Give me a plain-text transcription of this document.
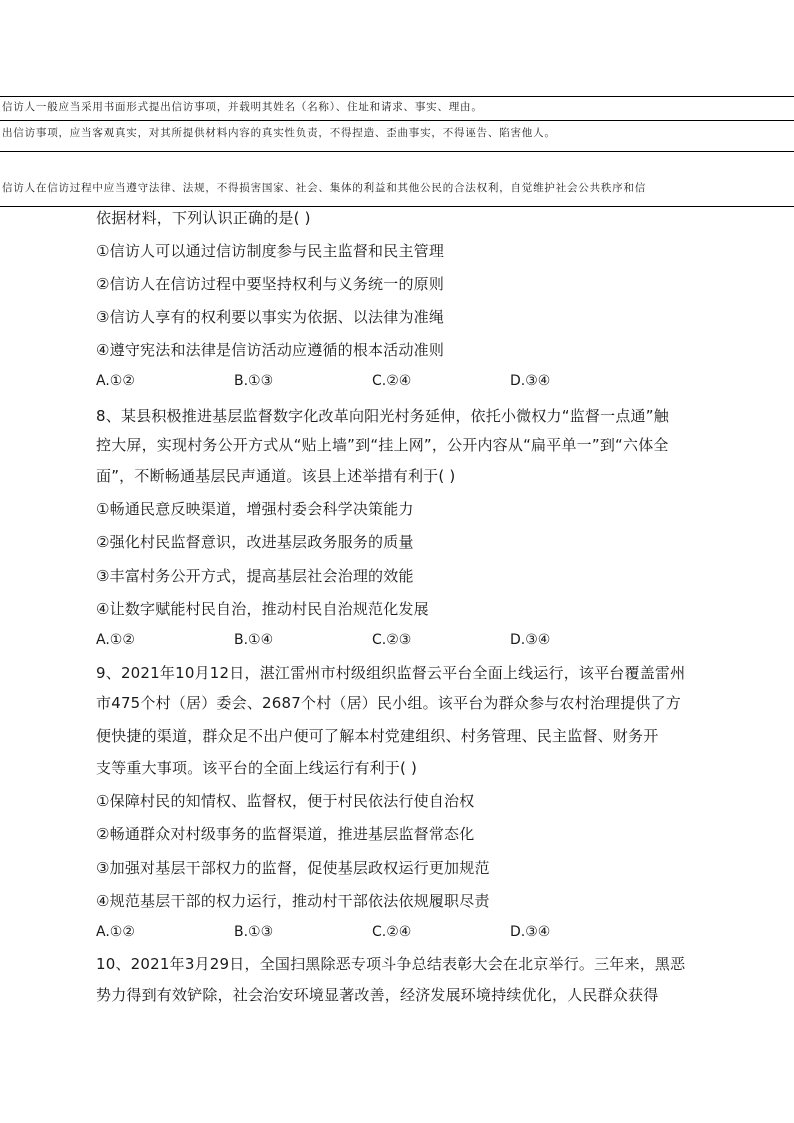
信访人一般应当采用书面形式提出信访事项，并载明其姓名（名称）、住址和请求、事实、理由。
出信访事项，应当客观真实，对其所提供材料内容的真实性负责，不得捏造、歪曲事实，不得诬告、陷害他人。
信访人在信访过程中应当遵守法律、法规，不得损害国家、社会、集体的利益和其他公民的合法权利，自觉维护社会公共秩序和信
依据材料，下列认识正确的是( )
①信访人可以通过信访制度参与民主监督和民主管理
②信访人在信访过程中要坚持权利与义务统一的原则
③信访人享有的权利要以事实为依据、以法律为准绳
④遵守宪法和法律是信访活动应遵循的根本活动准则
A.①②	B.①③	C.②④	D.③④
8、某县积极推进基层监督数字化改革向阳光村务延伸，依托小微权力“监督一点通”触
控大屏，实现村务公开方式从“贴上墙”到“挂上网”，公开内容从“扁平单一”到“六体全
面”，不断畅通基层民声通道。该县上述举措有利于( )
①畅通民意反映渠道，增强村委会科学决策能力
②强化村民监督意识，改进基层政务服务的质量
③丰富村务公开方式，提高基层社会治理的效能
④让数字赋能村民自治，推动村民自治规范化发展
A.①②	B.①④	C.②③	D.③④
9、2021年10月12日，湛江雷州市村级组织监督云平台全面上线运行，该平台覆盖雷州
市475个村（居）委会、2687个村（居）民小组。该平台为群众参与农村治理提供了方
便快捷的渠道，群众足不出户便可了解本村党建组织、村务管理、民主监督、财务开
支等重大事项。该平台的全面上线运行有利于( )
①保障村民的知情权、监督权，便于村民依法行使自治权
②畅通群众对村级事务的监督渠道，推进基层监督常态化
③加强对基层干部权力的监督，促使基层政权运行更加规范
④规范基层干部的权力运行，推动村干部依法依规履职尽责
A.①②	B.①③	C.②④	D.③④
10、2021年3月29日，全国扫黑除恶专项斗争总结表彰大会在北京举行。三年来，黑恶
势力得到有效铲除，社会治安环境显著改善，经济发展环境持续优化，人民群众获得
